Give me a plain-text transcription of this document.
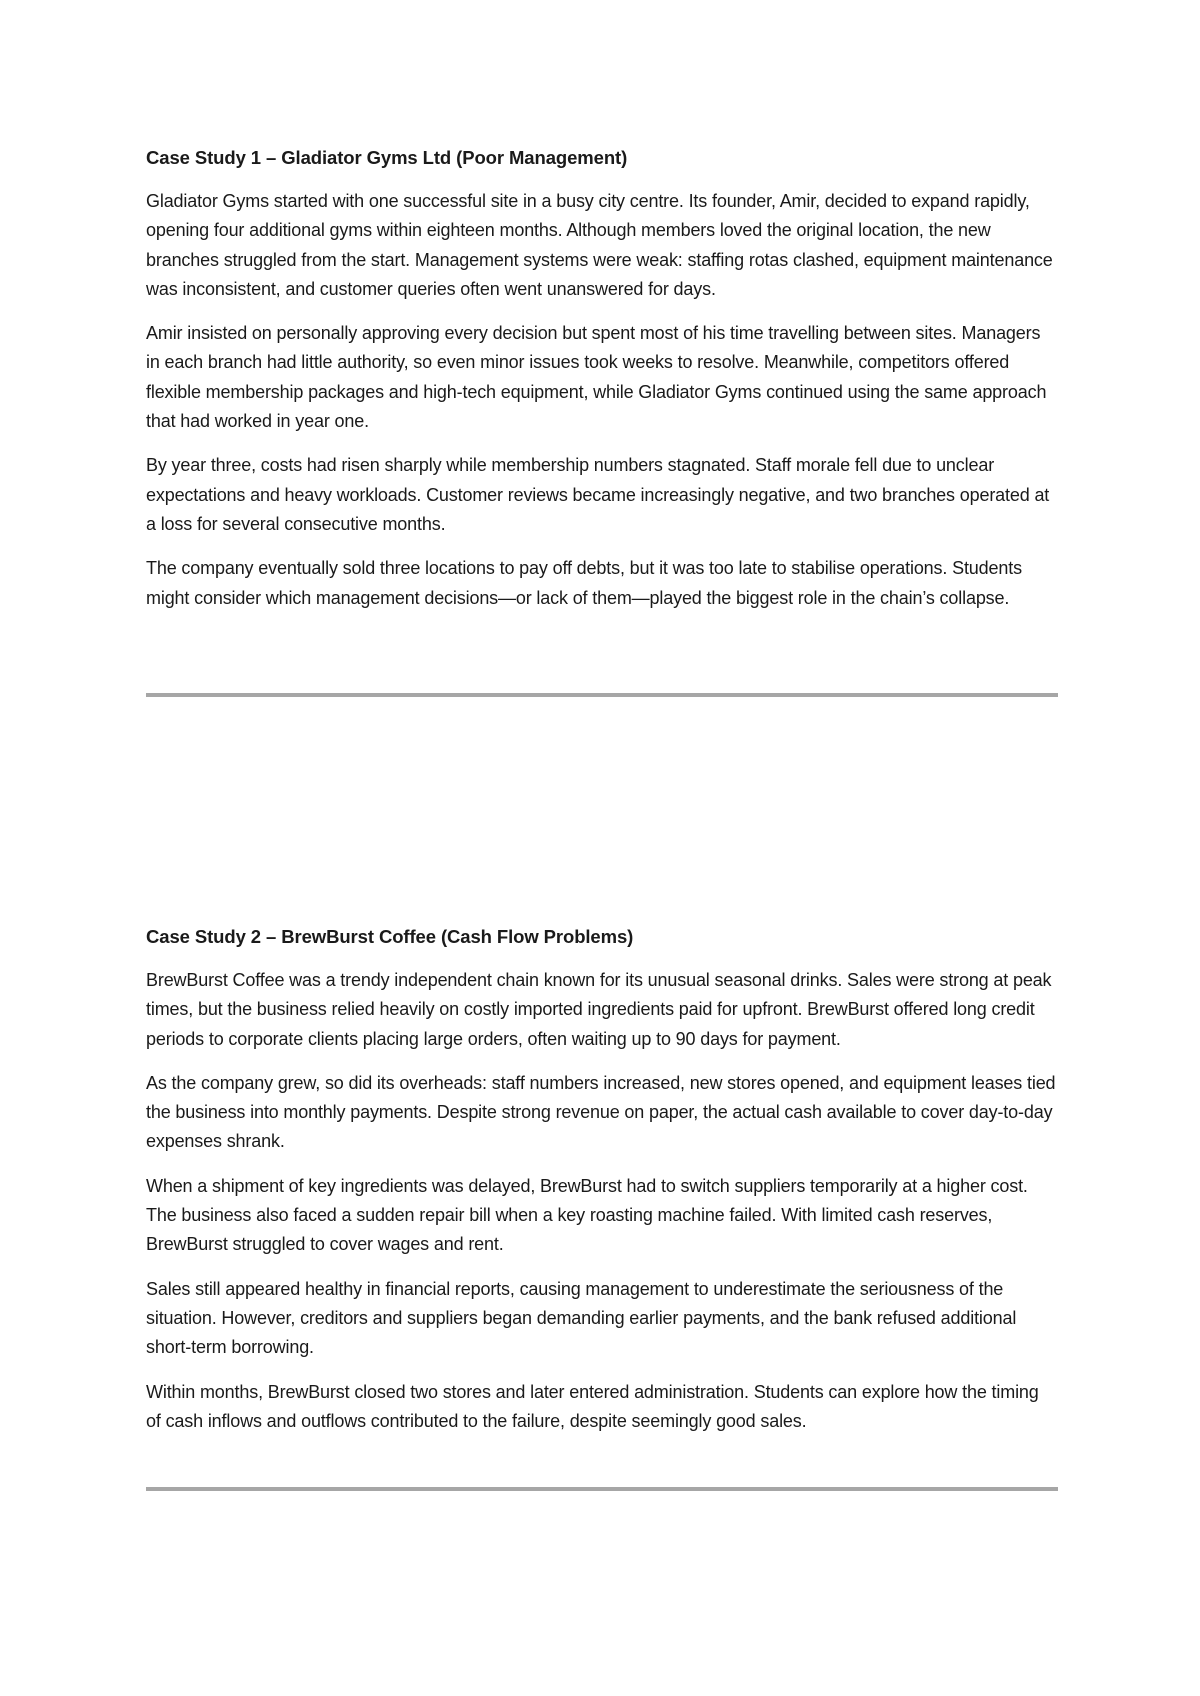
Case Study 1 – Gladiator Gyms Ltd (Poor Management)

Gladiator Gyms started with one successful site in a busy city centre. Its founder, Amir, decided to expand rapidly, opening four additional gyms within eighteen months. Although members loved the original location, the new branches struggled from the start. Management systems were weak: staffing rotas clashed, equipment maintenance was inconsistent, and customer queries often went unanswered for days.

Amir insisted on personally approving every decision but spent most of his time travelling between sites. Managers in each branch had little authority, so even minor issues took weeks to resolve. Meanwhile, competitors offered flexible membership packages and high-tech equipment, while Gladiator Gyms continued using the same approach that had worked in year one.

By year three, costs had risen sharply while membership numbers stagnated. Staff morale fell due to unclear expectations and heavy workloads. Customer reviews became increasingly negative, and two branches operated at a loss for several consecutive months.

The company eventually sold three locations to pay off debts, but it was too late to stabilise operations. Students might consider which management decisions—or lack of them—played the biggest role in the chain’s collapse.

Case Study 2 – BrewBurst Coffee (Cash Flow Problems)

BrewBurst Coffee was a trendy independent chain known for its unusual seasonal drinks. Sales were strong at peak times, but the business relied heavily on costly imported ingredients paid for upfront. BrewBurst offered long credit periods to corporate clients placing large orders, often waiting up to 90 days for payment.

As the company grew, so did its overheads: staff numbers increased, new stores opened, and equipment leases tied the business into monthly payments. Despite strong revenue on paper, the actual cash available to cover day-to-day expenses shrank.

When a shipment of key ingredients was delayed, BrewBurst had to switch suppliers temporarily at a higher cost. The business also faced a sudden repair bill when a key roasting machine failed. With limited cash reserves, BrewBurst struggled to cover wages and rent.

Sales still appeared healthy in financial reports, causing management to underestimate the seriousness of the situation. However, creditors and suppliers began demanding earlier payments, and the bank refused additional short-term borrowing.

Within months, BrewBurst closed two stores and later entered administration. Students can explore how the timing of cash inflows and outflows contributed to the failure, despite seemingly good sales.
